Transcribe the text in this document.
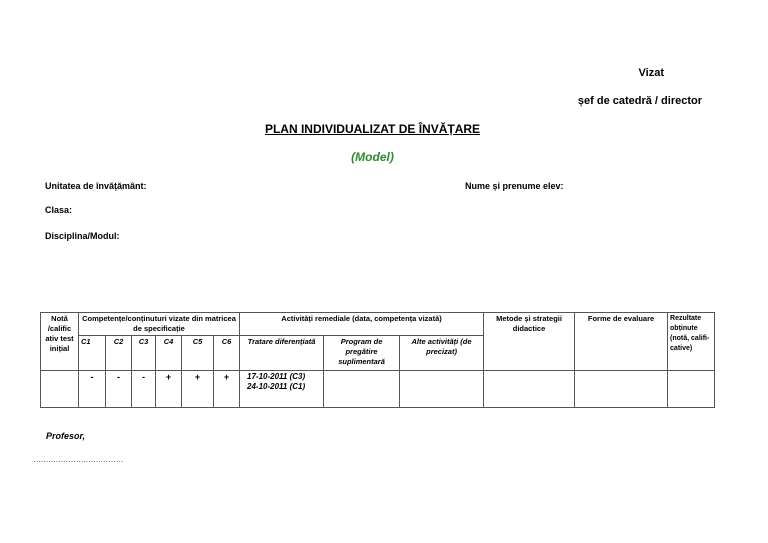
Vizat
șef de catedră / director
PLAN INDIVIDUALIZAT DE ÎNVĂȚARE
(Model)
Unitatea de învățământ:	Nume și prenume elev:
Clasa:
Disciplina/Modul:
Notă /calific ativ test inițial	Competențe/conținuturi vizate din matricea de specificație						Activități remediale (data, competența vizată)			Metode și strategii didactice	Forme de evaluare	Rezultate obținute (notă, califi-cative)
	C1	C2	C3	C4	C5	C6	Tratare diferențiată	Program de pregătire suplimentară	Alte activități (de precizat)			
	-	-	-	+	+	+	17-10-2011 (C3)
24-10-2011 (C1)					

Profesor,
………………………………
